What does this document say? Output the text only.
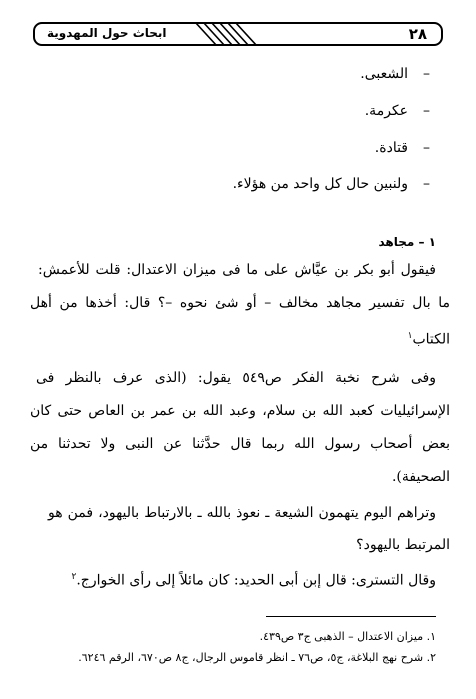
٢٨
ابحاث حول المهدوية
–الشعبى.
–عكرمة.
–قتادة.
–ولنبين حال كل واحد من هؤلاء.
١ – مجاهد
فيقول أبو بكر بن عيَّاش على ما فى ميزان الاعتدال: قلت للأعمش:
ما بال تفسير مجاهد مخالف – أو شئ نحوه –؟ قال: أخذها من أهل
الكتاب$^١$
وفى شرح نخبة الفكر ص٥٤٩ يقول: (الذى عرف بالنظر فى
الإسرائيليات كعبد الله بن سلام، وعبد الله بن عمر بن العاص حتى كان
بعض أصحاب رسول الله ربما قال حدَّثنا عن النبى ولا تحدثنا من
الصحيفة).
وتراهم اليوم يتهمون الشيعة ـ نعوذ بالله ـ بالارتباط باليهود، فمن هو
المرتبط باليهود؟
وقال التسترى: قال إبن أبى الحديد: كان مائلاً إلى رأى الخوارج.$^٢$
١. ميزان الاعتدال – الذهبى ج٣ ص٤٣٩.
٢. شرح نهج البلاغة، ج٥، ص٧٦ ـ انظر قاموس الرجال، ج٨ ص٦٧٠، الرقم ٦٢٤٦.
